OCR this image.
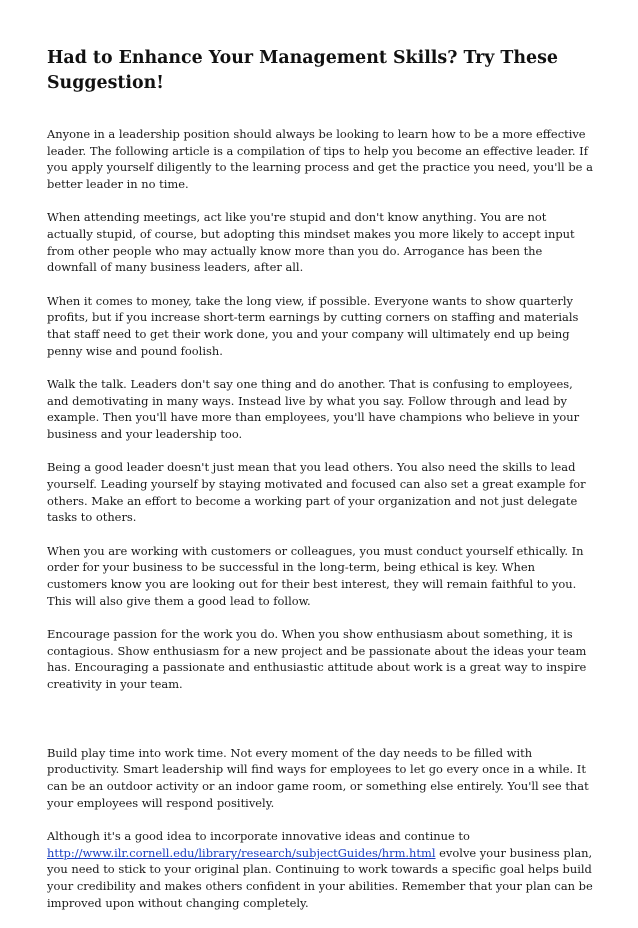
Had to Enhance Your Management Skills? Try These Suggestion!

Anyone in a leadership position should always be looking to learn how to be a more effective leader. The following article is a compilation of tips to help you become an effective leader. If you apply yourself diligently to the learning process and get the practice you need, you'll be a better leader in no time.

When attending meetings, act like you're stupid and don't know anything. You are not actually stupid, of course, but adopting this mindset makes you more likely to accept input from other people who may actually know more than you do. Arrogance has been the downfall of many business leaders, after all.

When it comes to money, take the long view, if possible. Everyone wants to show quarterly profits, but if you increase short-term earnings by cutting corners on staffing and materials that staff need to get their work done, you and your company will ultimately end up being penny wise and pound foolish.

Walk the talk. Leaders don't say one thing and do another. That is confusing to employees, and demotivating in many ways. Instead live by what you say. Follow through and lead by example. Then you'll have more than employees, you'll have champions who believe in your business and your leadership too.

Being a good leader doesn't just mean that you lead others. You also need the skills to lead yourself. Leading yourself by staying motivated and focused can also set a great example for others. Make an effort to become a working part of your organization and not just delegate tasks to others.

When you are working with customers or colleagues, you must conduct yourself ethically. In order for your business to be successful in the long-term, being ethical is key. When customers know you are looking out for their best interest, they will remain faithful to you. This will also give them a good lead to follow.

Encourage passion for the work you do. When you show enthusiasm about something, it is contagious. Show enthusiasm for a new project and be passionate about the ideas your team has. Encouraging a passionate and enthusiastic attitude about work is a great way to inspire creativity in your team.

Build play time into work time. Not every moment of the day needs to be filled with productivity. Smart leadership will find ways for employees to let go every once in a while. It can be an outdoor activity or an indoor game room, or something else entirely. You'll see that your employees will respond positively.

Although it's a good idea to incorporate innovative ideas and continue to http://www.ilr.cornell.edu/library/research/subjectGuides/hrm.html evolve your business plan, you need to stick to your original plan. Continuing to work towards a specific goal helps build your credibility and makes others confident in your abilities. Remember that your plan can be improved upon without changing completely.
